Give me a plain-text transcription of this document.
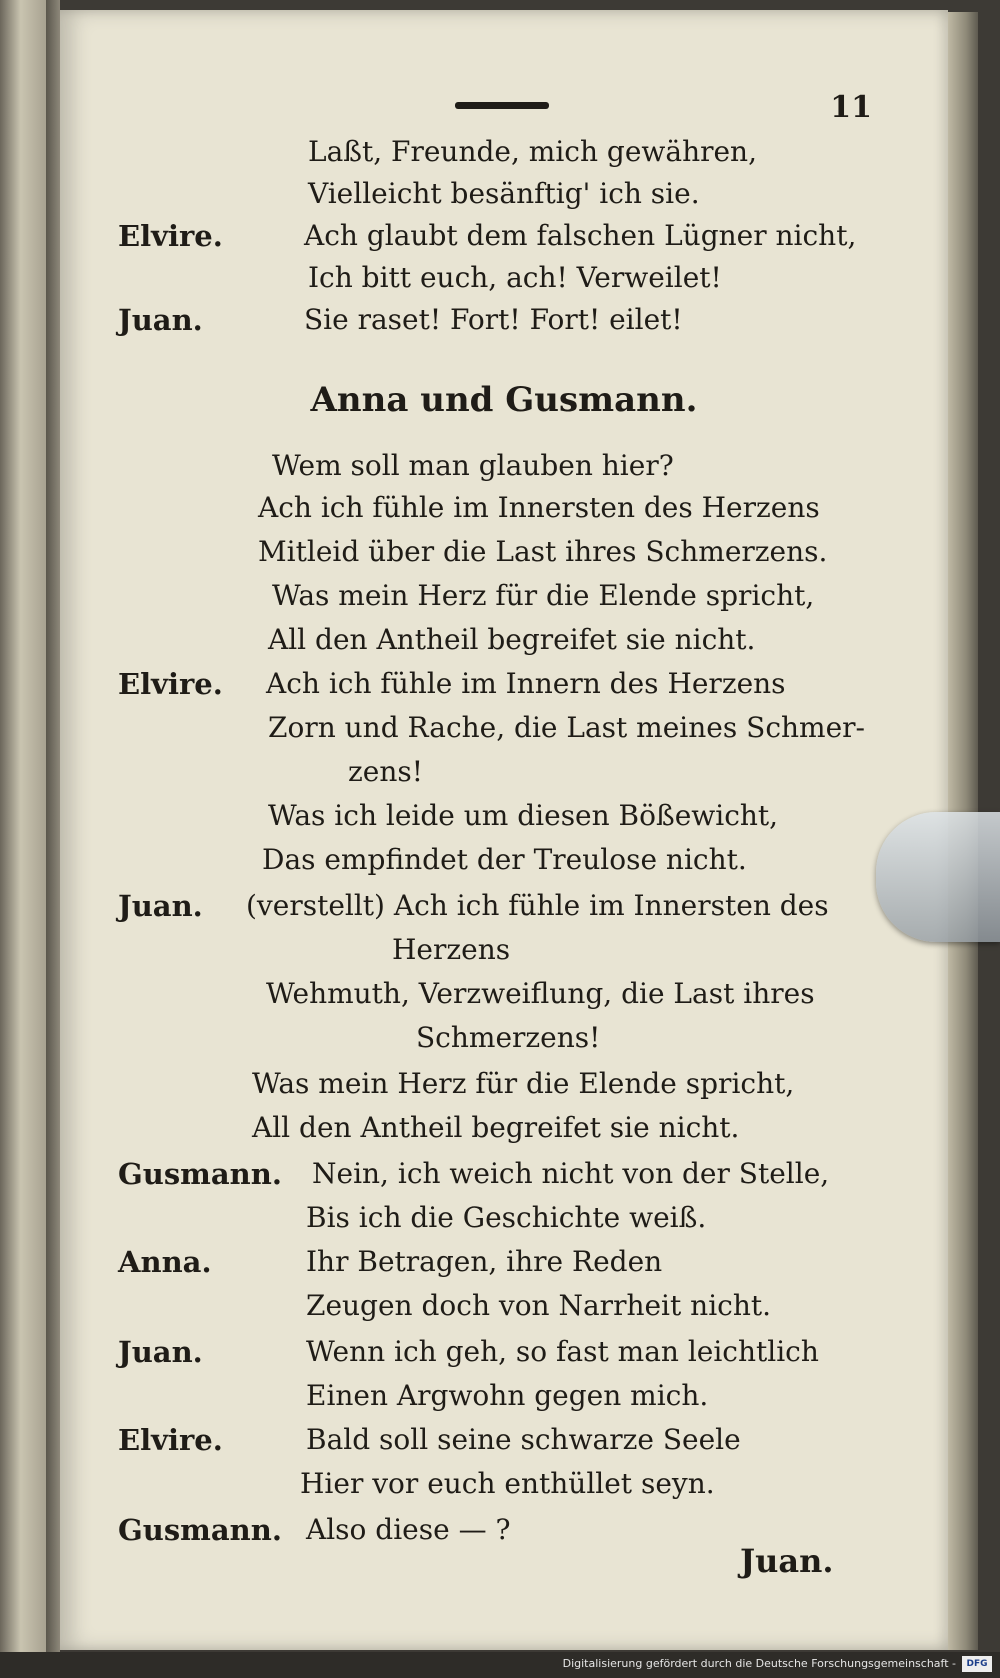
11
Laßt, Freunde, mich gewähren,
Vielleicht besänftig' ich sie.
Elvire.	Ach glaubt dem falschen Lügner nicht,
Ich bitt euch, ach! Verweilet!
Juan.	Sie raset! Fort! Fort! eilet!
Anna und Gusmann.
Wem soll man glauben hier?
Ach ich fühle im Innersten des Herzens
Mitleid über die Last ihres Schmerzens.
Was mein Herz für die Elende spricht,
All den Antheil begreifet sie nicht.
Elvire. Ach ich fühle im Innern des Herzens
Zorn und Rache, die Last meines Schmer-
zens!
Was ich leide um diesen Bößewicht,
Das empfindet der Treulose nicht.
Juan. (verstellt) Ach ich fühle im Innersten des
Herzens
Wehmuth, Verzweiflung, die Last ihres
Schmerzens!
Was mein Herz für die Elende spricht,
All den Antheil begreifet sie nicht.
Gusmann. Nein, ich weich nicht von der Stelle,
Bis ich die Geschichte weiß.
Anna.	Ihr Betragen, ihre Reden
Zeugen doch von Narrheit nicht.
Juan.	Wenn ich geh, so fast man leichtlich
Einen Argwohn gegen mich.
Elvire.	Bald soll seine schwarze Seele
Hier vor euch enthüllet seyn.
Gusmann. Also diese — ?
Juan.
Digitalisierung gefördert durch die Deutsche Forschungsgemeinschaft -	DFG
